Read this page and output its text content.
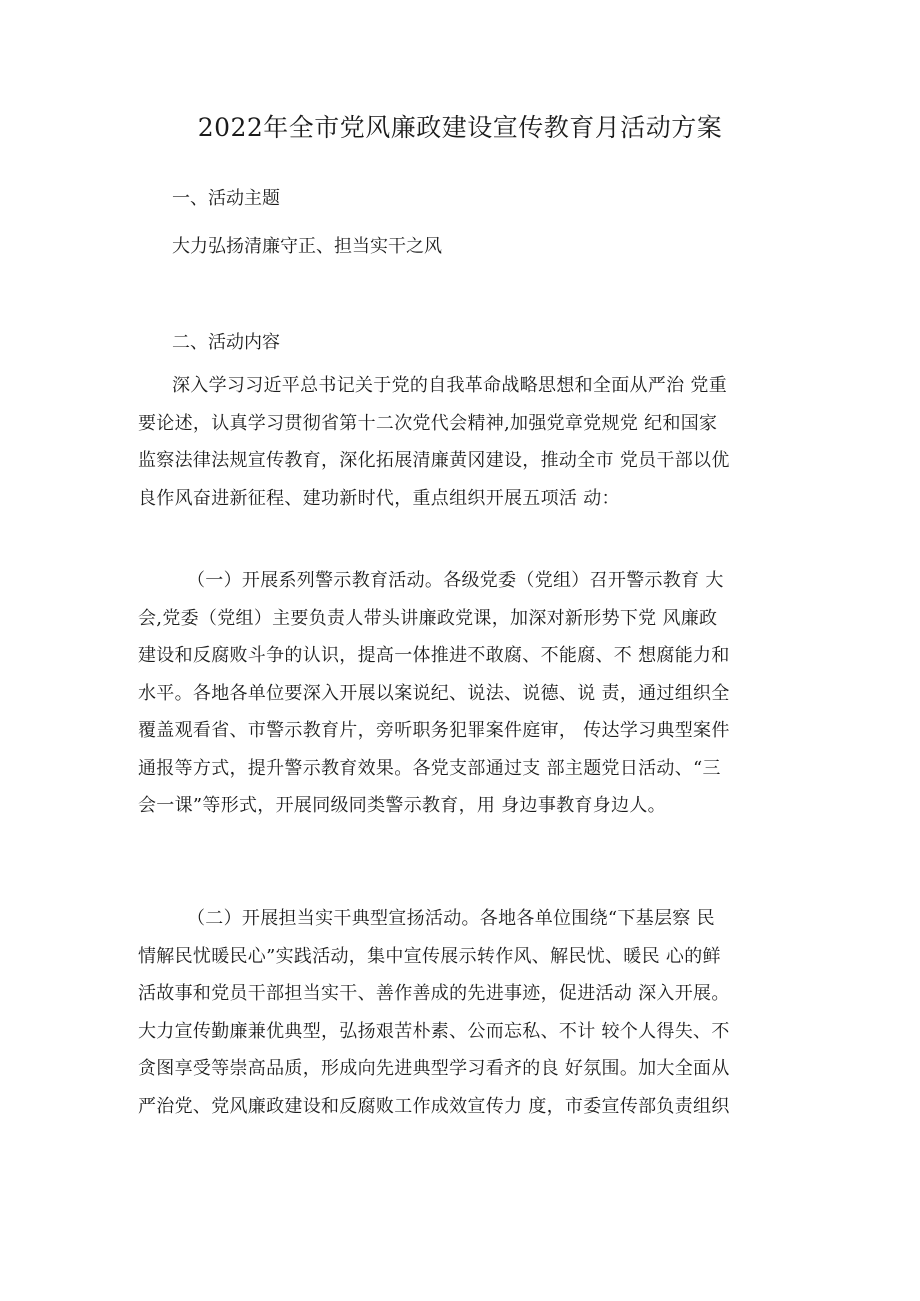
2022年全市党风廉政建设宣传教育月活动方案

一、活动主题

大力弘扬清廉守正、担当实干之风

二、活动内容

深入学习习近平总书记关于党的自我革命战略思想和全面从严治 党重
要论述，认真学习贯彻省第十二次党代会精神,加强党章党规党 纪和国家
监察法律法规宣传教育，深化拓展清廉黄冈建设，推动全市 党员干部以优
良作风奋进新征程、建功新时代，重点组织开展五项活 动：
（一）开展系列警示教育活动。各级党委（党组）召开警示教育 大
会,党委（党组）主要负责人带头讲廉政党课，加深对新形势下党 风廉政
建设和反腐败斗争的认识，提高一体推进不敢腐、不能腐、不 想腐能力和
水平。各地各单位要深入开展以案说纪、说法、说德、说 责，通过组织全
覆盖观看省、市警示教育片，旁听职务犯罪案件庭审， 传达学习典型案件
通报等方式，提升警示教育效果。各党支部通过支 部主题党日活动、“三
会一课”等形式，开展同级同类警示教育，用 身边事教育身边人。
（二）开展担当实干典型宣扬活动。各地各单位围绕“下基层察 民
情解民忧暖民心”实践活动，集中宣传展示转作风、解民忧、暖民 心的鲜
活故事和党员干部担当实干、善作善成的先进事迹，促进活动 深入开展。
大力宣传勤廉兼优典型，弘扬艰苦朴素、公而忘私、不计 较个人得失、不
贪图享受等崇高品质，形成向先进典型学习看齐的良 好氛围。加大全面从
严治党、党风廉政建设和反腐败工作成效宣传力 度，市委宣传部负责组织
